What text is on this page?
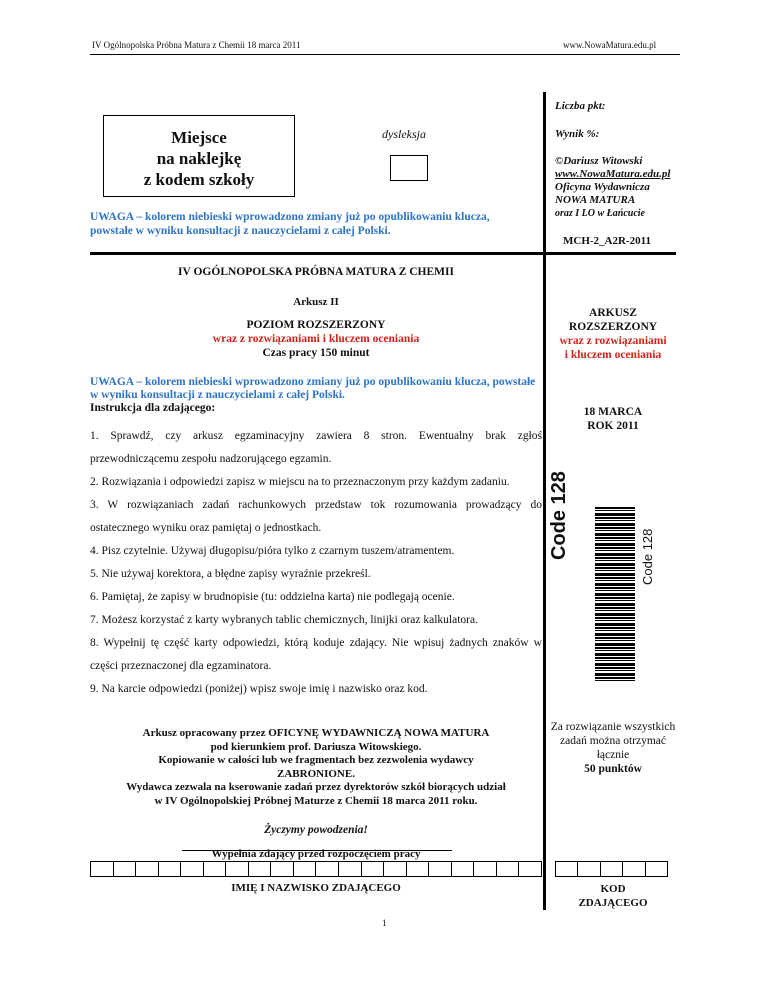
IV Ogólnopolska Próbna Matura z Chemii 18 marca 2011	www.NowaMatura.edu.pl
Miejsce
na naklejkę
z kodem szkoły
dysleksja
UWAGA – kolorem niebieski wprowadzono zmiany już po opublikowaniu klucza, powstałe w wyniku konsultacji z nauczycielami z całej Polski.
Liczba pkt:
Wynik %:
©Dariusz Witowski
www.NowaMatura.edu.pl
Oficyna Wydawnicza
NOWA MATURA
oraz I LO w Łańcucie
MCH-2_A2R-2011
IV OGÓLNOPOLSKA PRÓBNA MATURA Z CHEMII
Arkusz II
POZIOM ROZSZERZONY
wraz z rozwiązaniami i kluczem oceniania
Czas pracy 150 minut
UWAGA – kolorem niebieski wprowadzono zmiany już po opublikowaniu klucza, powstałe w wyniku konsultacji z nauczycielami z całej Polski.
Instrukcja dla zdającego:
1. Sprawdź, czy arkusz egzaminacyjny zawiera 8 stron. Ewentualny brak zgłoś przewodniczącemu zespołu nadzorującego egzamin.
2. Rozwiązania i odpowiedzi zapisz w miejscu na to przeznaczonym przy każdym zadaniu.
3. W rozwiązaniach zadań rachunkowych przedstaw tok rozumowania prowadzący do ostatecznego wyniku oraz pamiętaj o jednostkach.
4. Pisz czytelnie. Używaj długopisu/pióra tylko z czarnym tuszem/atramentem.
5. Nie używaj korektora, a błędne zapisy wyraźnie przekreśl.
6. Pamiętaj, że zapisy w brudnopisie (tu: oddzielna karta) nie podlegają ocenie.
7. Możesz korzystać z karty wybranych tablic chemicznych, linijki oraz kalkulatora.
8. Wypełnij tę część karty odpowiedzi, którą koduje zdający. Nie wpisuj żadnych znaków w części przeznaczonej dla egzaminatora.
9. Na karcie odpowiedzi (poniżej) wpisz swoje imię i nazwisko oraz kod.
Arkusz opracowany przez OFICYNĘ WYDAWNICZĄ NOWA MATURA
pod kierunkiem prof. Dariusza Witowskiego.
Kopiowanie w całości lub we fragmentach bez zezwolenia wydawcy
ZABRONIONE.
Wydawca zezwala na kserowanie zadań przez dyrektorów szkół biorących udział
w IV Ogólnopolskiej Próbnej Maturze z Chemii 18 marca 2011 roku.
Życzymy powodzenia!
Wypełnia zdający przed rozpoczęciem pracy
IMIĘ I NAZWISKO ZDAJĄCEGO
ARKUSZ
ROZSZERZONY
wraz z rozwiązaniami
i kluczem oceniania
18 MARCA
ROK 2011
Code 128	Code 128
Za rozwiązanie wszystkich
zadań można otrzymać
łącznie
50 punktów
KOD
ZDAJĄCEGO
1
